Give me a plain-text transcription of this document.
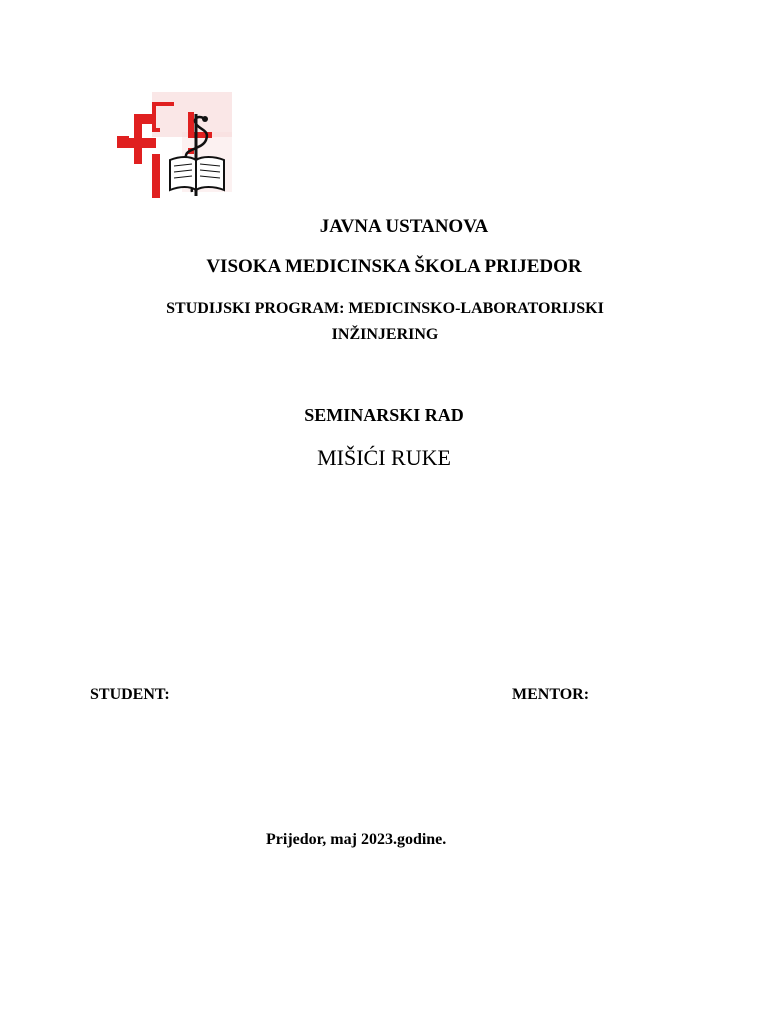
JAVNA USTANOVA
VISOKA MEDICINSKA ŠKOLA PRIJEDOR
STUDIJSKI PROGRAM: MEDICINSKO-LABORATORIJSKI INŽINJERING
SEMINARSKI RAD
MIŠIĆI RUKE
STUDENT:	MENTOR:
Prijedor, maj 2023.godine.
